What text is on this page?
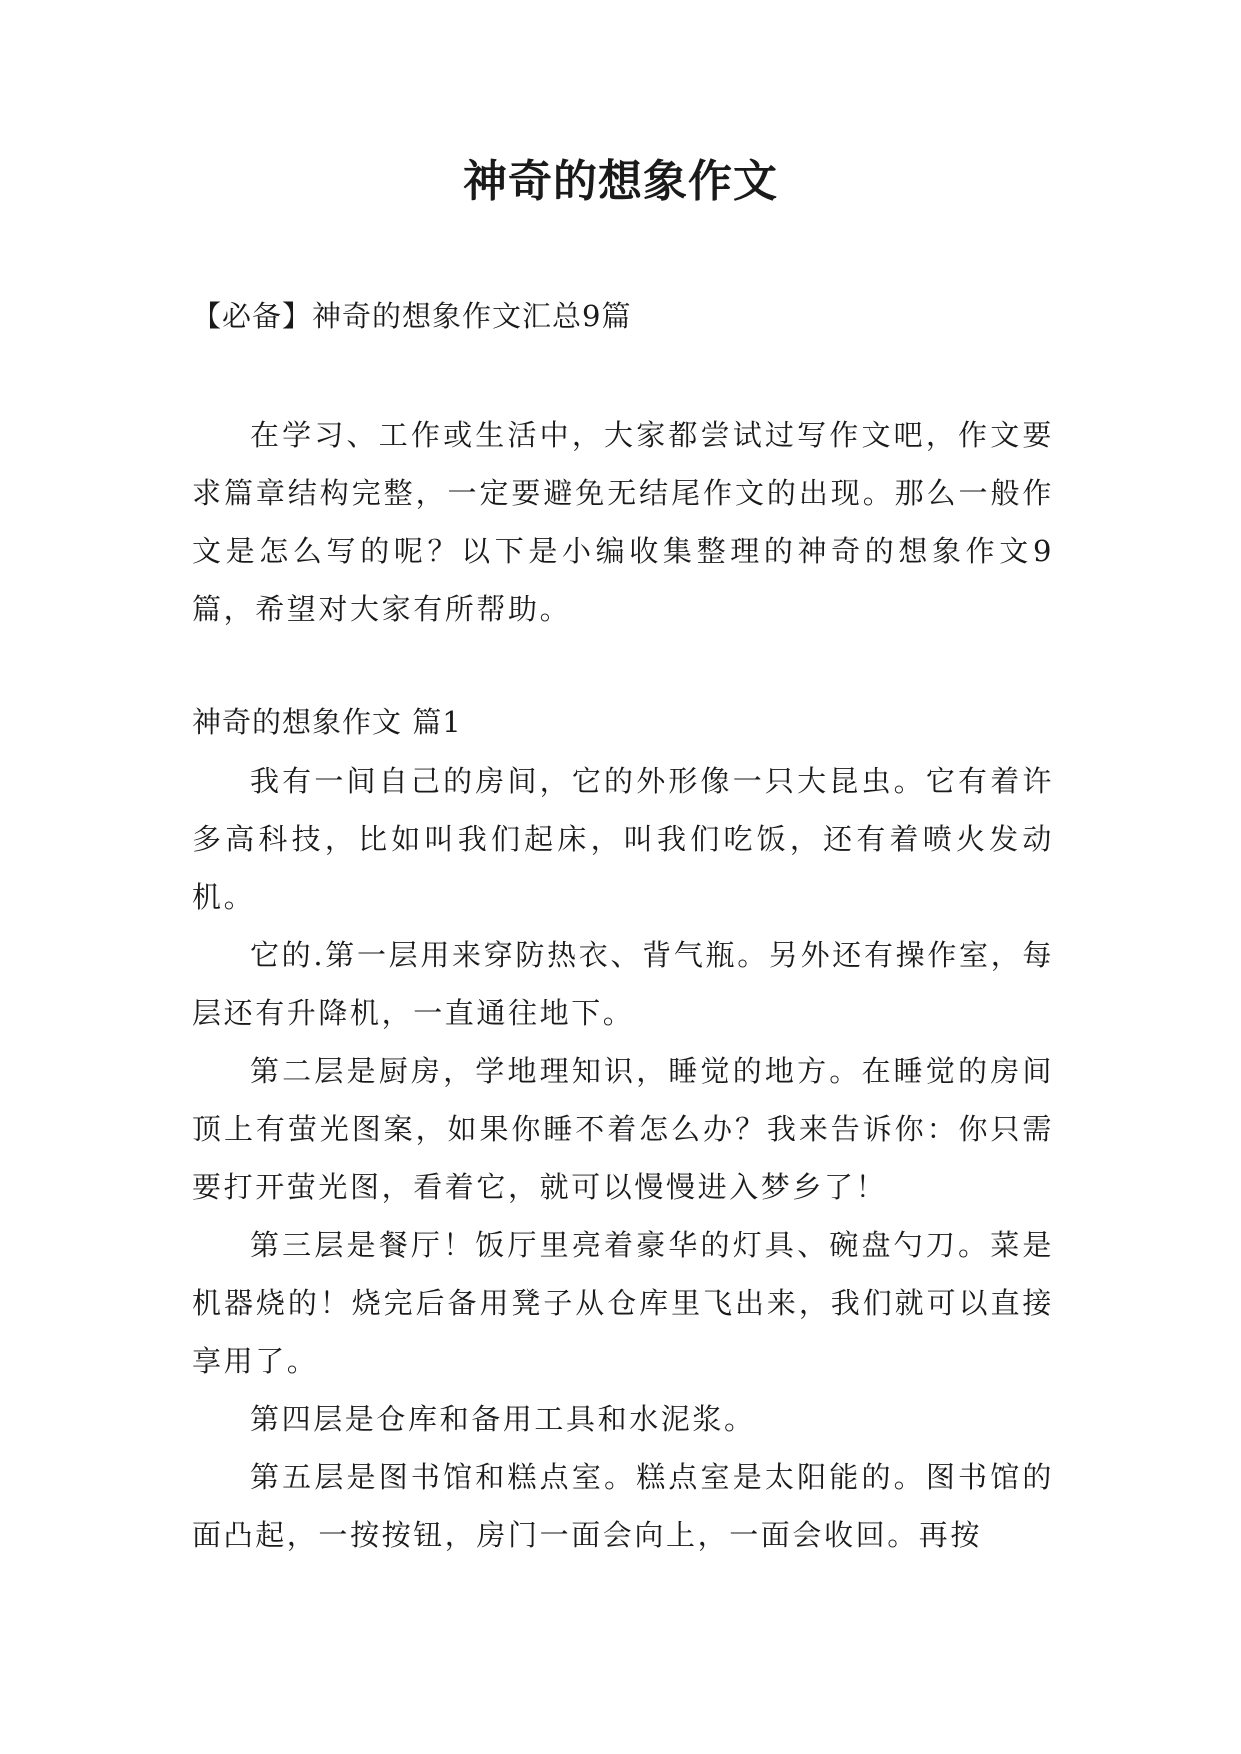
神奇的想象作文
【必备】神奇的想象作文汇总9篇

在学习、工作或生活中，大家都尝试过写作文吧，作文要求篇章结构完整，一定要避免无结尾作文的出现。那么一般作文是怎么写的呢？以下是小编收集整理的神奇的想象作文9篇，希望对大家有所帮助。

神奇的想象作文 篇1

我有一间自己的房间，它的外形像一只大昆虫。它有着许多高科技，比如叫我们起床，叫我们吃饭，还有着喷火发动机。

它的.第一层用来穿防热衣、背气瓶。另外还有操作室，每层还有升降机，一直通往地下。

第二层是厨房，学地理知识，睡觉的地方。在睡觉的房间顶上有萤光图案，如果你睡不着怎么办？我来告诉你：你只需要打开萤光图，看着它，就可以慢慢进入梦乡了！

第三层是餐厅！饭厅里亮着豪华的灯具、碗盘勺刀。菜是机器烧的！烧完后备用凳子从仓库里飞出来，我们就可以直接享用了。

第四层是仓库和备用工具和水泥浆。

第五层是图书馆和糕点室。糕点室是太阳能的。图书馆的面凸起，一按按钮，房门一面会向上，一面会收回。再按
